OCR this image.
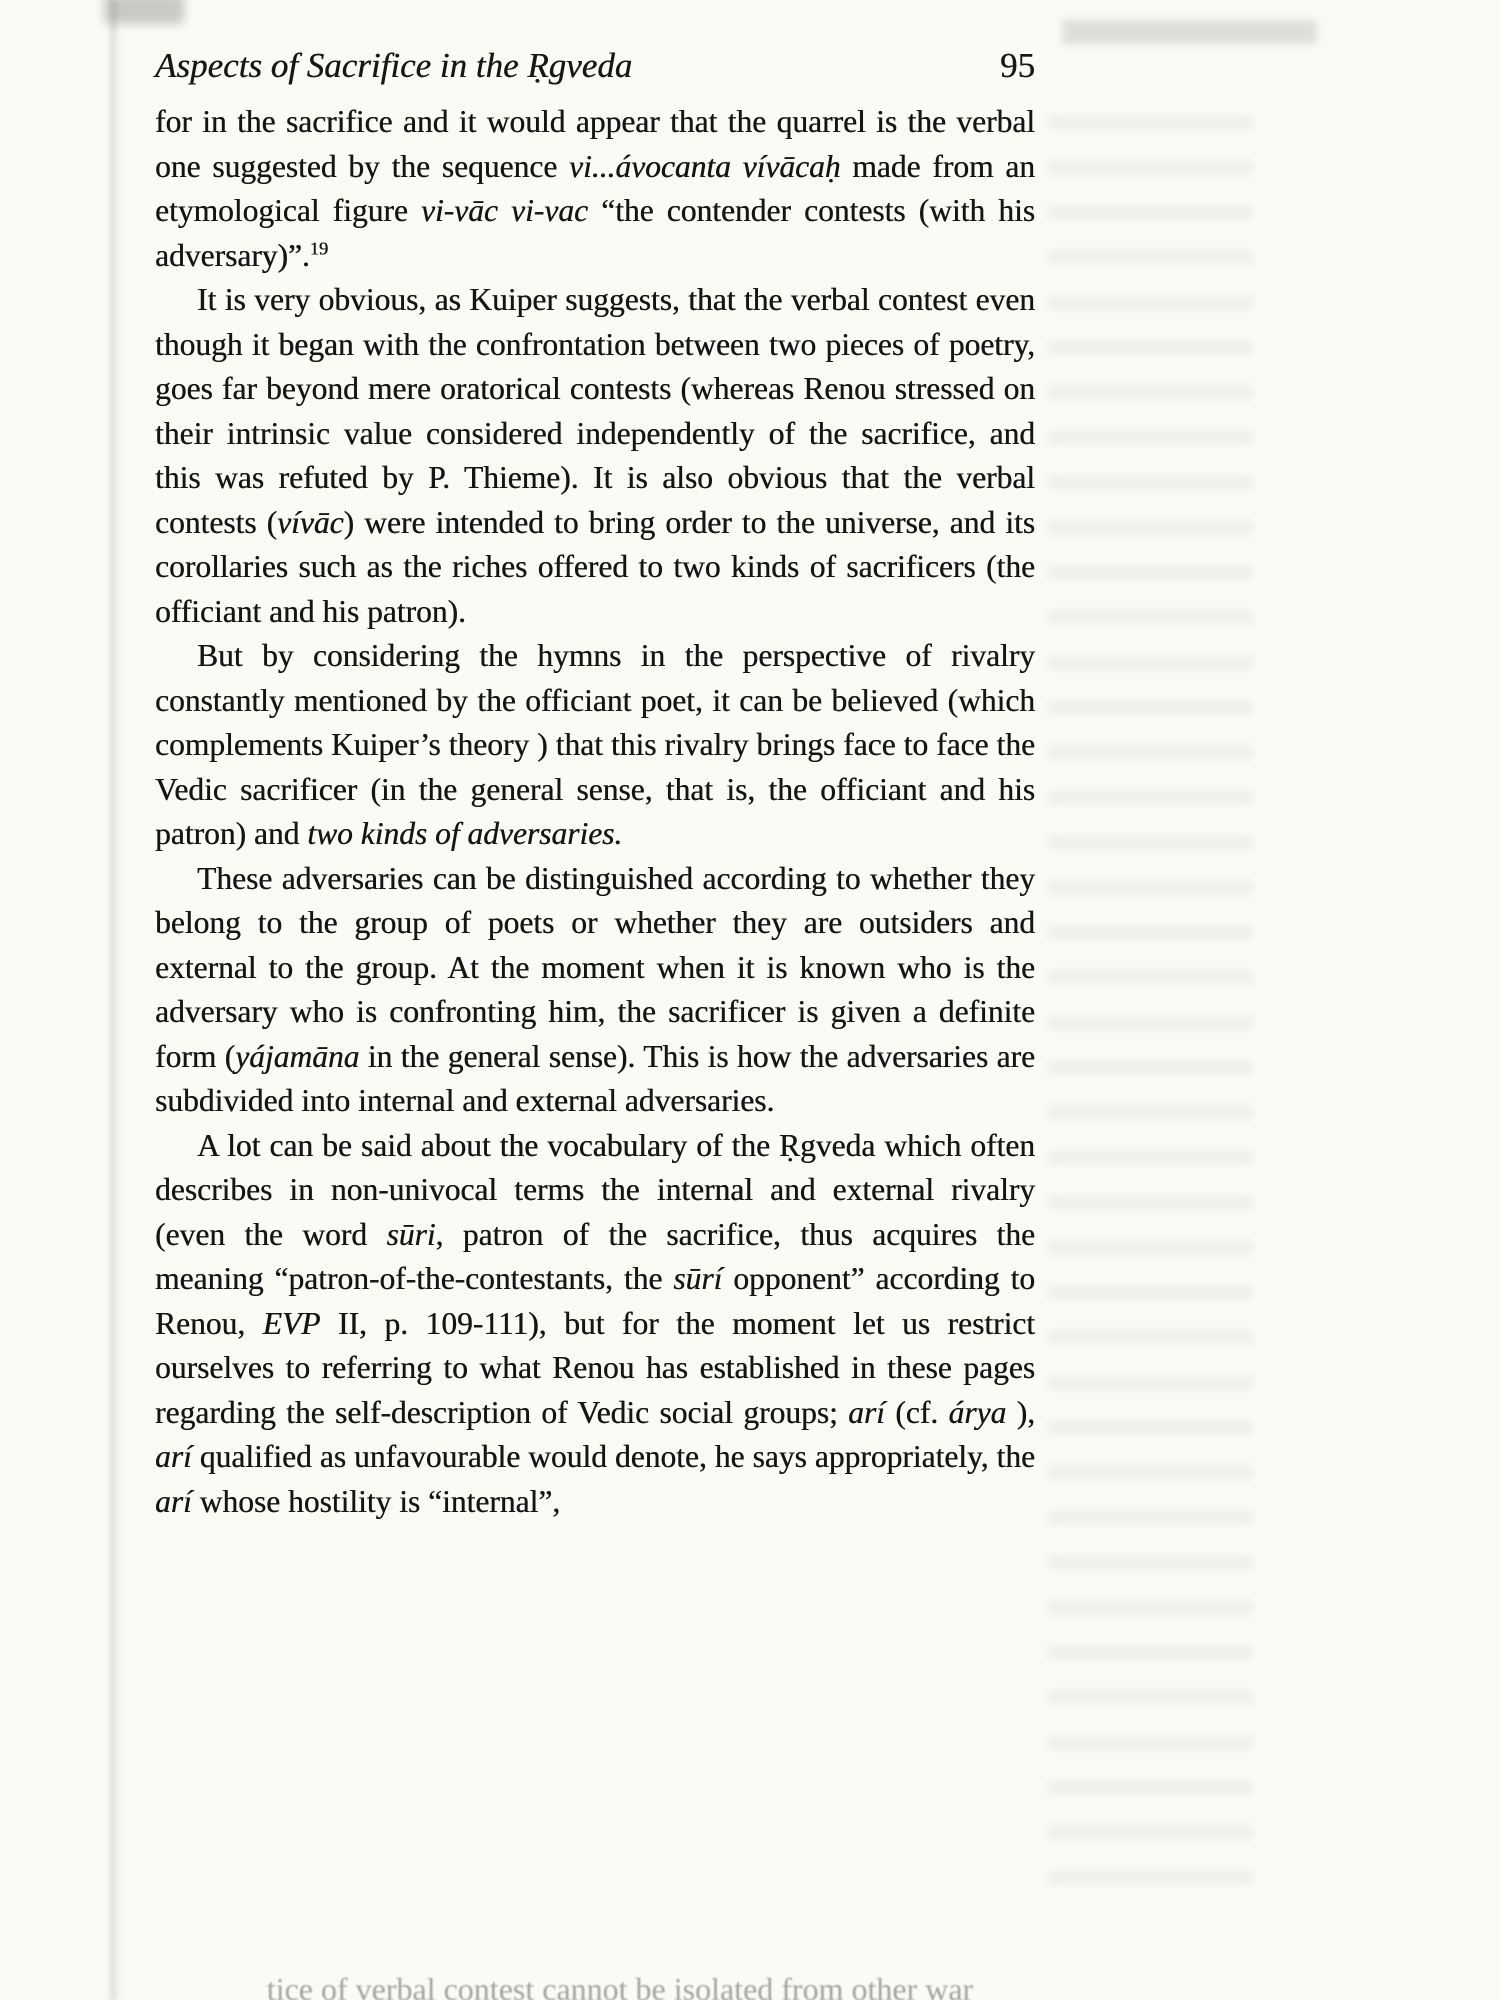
Aspects of Sacrifice in the Ṛgveda	95

for in the sacrifice and it would appear that the quarrel is the verbal one suggested by the sequence vi...ávocanta vívācaḥ made from an etymological figure vi-vāc vi-vac “the contender contests (with his adversary)”.$^{19}$

It is very obvious, as Kuiper suggests, that the verbal contest even though it began with the confrontation between two pieces of poetry, goes far beyond mere oratorical contests (whereas Renou stressed on their intrinsic value considered independently of the sacrifice, and this was refuted by P. Thieme). It is also obvious that the verbal contests (vívāc) were intended to bring order to the universe, and its corollaries such as the riches offered to two kinds of sacrificers (the officiant and his patron).

But by considering the hymns in the perspective of rivalry constantly mentioned by the officiant poet, it can be believed (which complements Kuiper’s theory ) that this rivalry brings face to face the Vedic sacrificer (in the general sense, that is, the officiant and his patron) and two kinds of adversaries.

These adversaries can be distinguished according to whether they belong to the group of poets or whether they are outsiders and external to the group. At the moment when it is known who is the adversary who is confronting him, the sacrificer is given a definite form (yájamāna in the general sense). This is how the adversaries are subdivided into internal and external adversaries.

A lot can be said about the vocabulary of the Ṛgveda which often describes in non-univocal terms the internal and external rivalry (even the word sūri, patron of the sacrifice, thus acquires the meaning “patron-of-the-contestants, the sūrí opponent” according to Renou, EVP II, p. 109-111), but for the moment let us restrict ourselves to referring to what Renou has established in these pages regarding the self-description of Vedic social groups; arí (cf. árya ), arí qualified as unfavourable would denote, he says appropriately, the arí whose hostility is “internal”,

tice of verbal contest cannot be isolated from other war
